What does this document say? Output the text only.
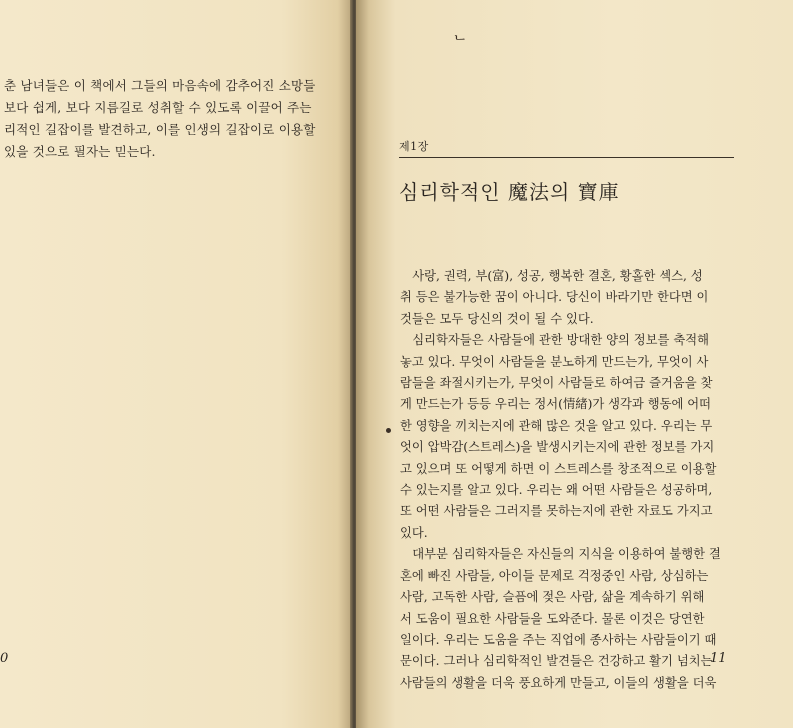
춘 남녀들은 이 책에서 그들의 마음속에 감추어진 소망들
보다 쉽게, 보다 지름길로 성취할 수 있도록 이끌어 주는
리적인 길잡이를 발견하고, 이를 인생의 길잡이로 이용할
있을 것으로 필자는 믿는다.
0
ᄂ
제1장
심리학적인 魔法의 寶庫
　사랑, 권력, 부(富), 성공, 행복한 결혼, 황홀한 섹스, 성
취 등은 불가능한 꿈이 아니다. 당신이 바라기만 한다면 이
것들은 모두 당신의 것이 될 수 있다.
　심리학자들은 사람들에 관한 방대한 양의 정보를 축적해
놓고 있다. 무엇이 사람들을 분노하게 만드는가, 무엇이 사
람들을 좌절시키는가, 무엇이 사람들로 하여금 즐거움을 찾
게 만드는가 등등 우리는 정서(情緖)가 생각과 행동에 어떠
한 영향을 끼치는지에 관해 많은 것을 알고 있다. 우리는 무
엇이 압박감(스트레스)을 발생시키는지에 관한 정보를 가지
고 있으며 또 어떻게 하면 이 스트레스를 창조적으로 이용할
수 있는지를 알고 있다. 우리는 왜 어떤 사람들은 성공하며,
또 어떤 사람들은 그러지를 못하는지에 관한 자료도 가지고
있다.
　대부분 심리학자들은 자신들의 지식을 이용하여 불행한 결
혼에 빠진 사람들, 아이들 문제로 걱정중인 사람, 상심하는
사람, 고독한 사람, 슬픔에 젖은 사람, 삶을 계속하기 위해
서 도움이 필요한 사람들을 도와준다. 물론 이것은 당연한
일이다. 우리는 도움을 주는 직업에 종사하는 사람들이기 때
문이다. 그러나 심리학적인 발견들은 건강하고 활기 넘치는
사람들의 생활을 더욱 풍요하게 만들고, 이들의 생활을 더욱
11
